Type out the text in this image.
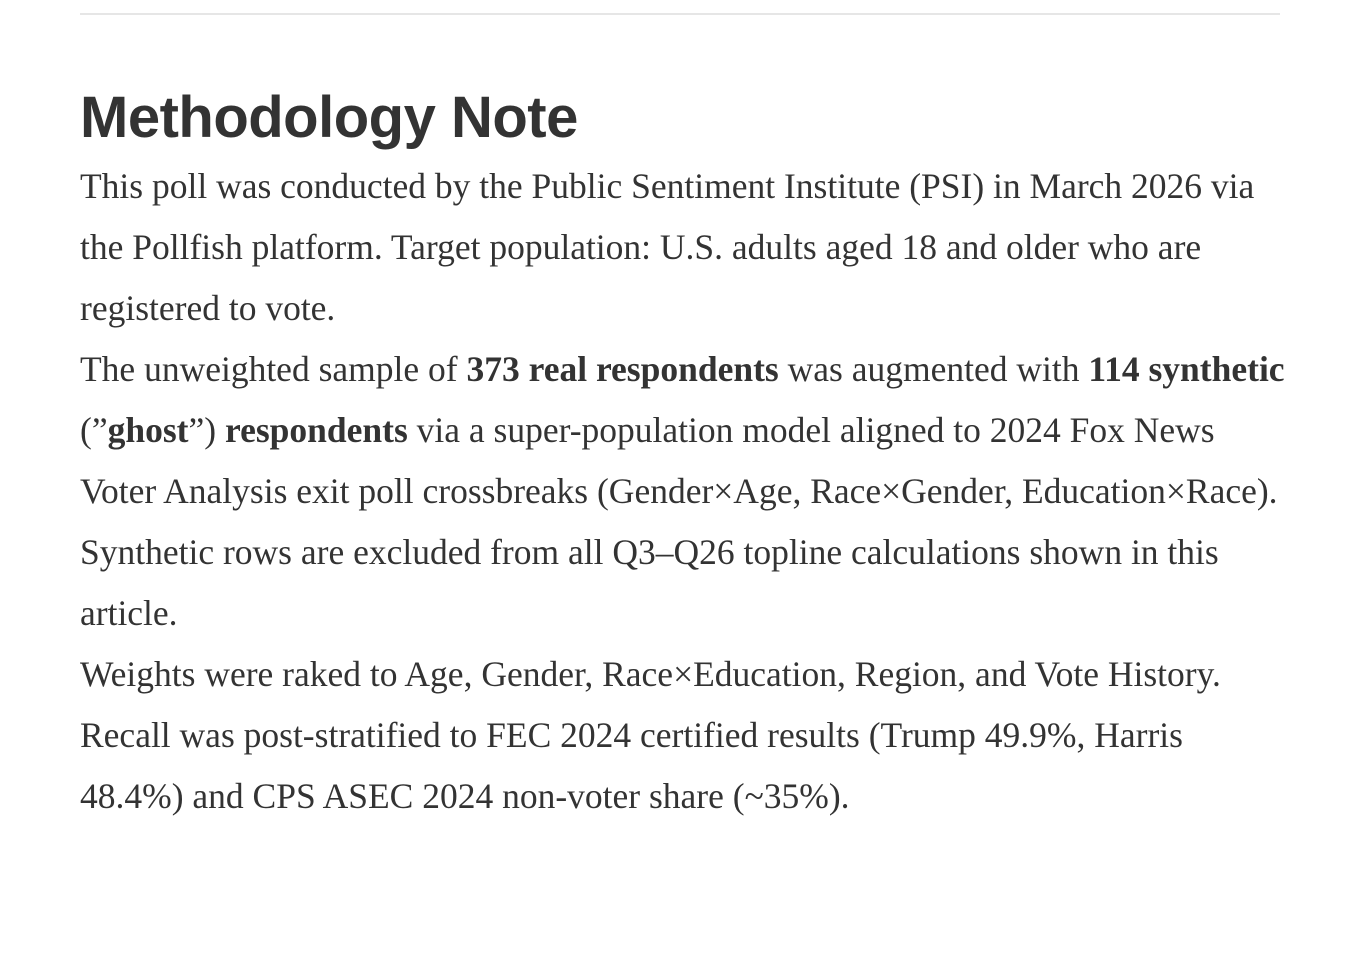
Methodology Note

This poll was conducted by the Public Sentiment Institute (PSI) in March 2026 via the Pollfish platform. Target population: U.S. adults aged 18 and older who are registered to vote.

The unweighted sample of 373 real respondents was augmented with 114 synthetic (”ghost”) respondents via a super-population model aligned to 2024 Fox News Voter Analysis exit poll crossbreaks (Gender×Age, Race×Gender, Education×Race). Synthetic rows are excluded from all Q3–Q26 topline calculations shown in this article.

Weights were raked to Age, Gender, Race×Education, Region, and Vote History. Recall was post-stratified to FEC 2024 certified results (Trump 49.9%, Harris 48.4%) and CPS ASEC 2024 non-voter share (~35%).
